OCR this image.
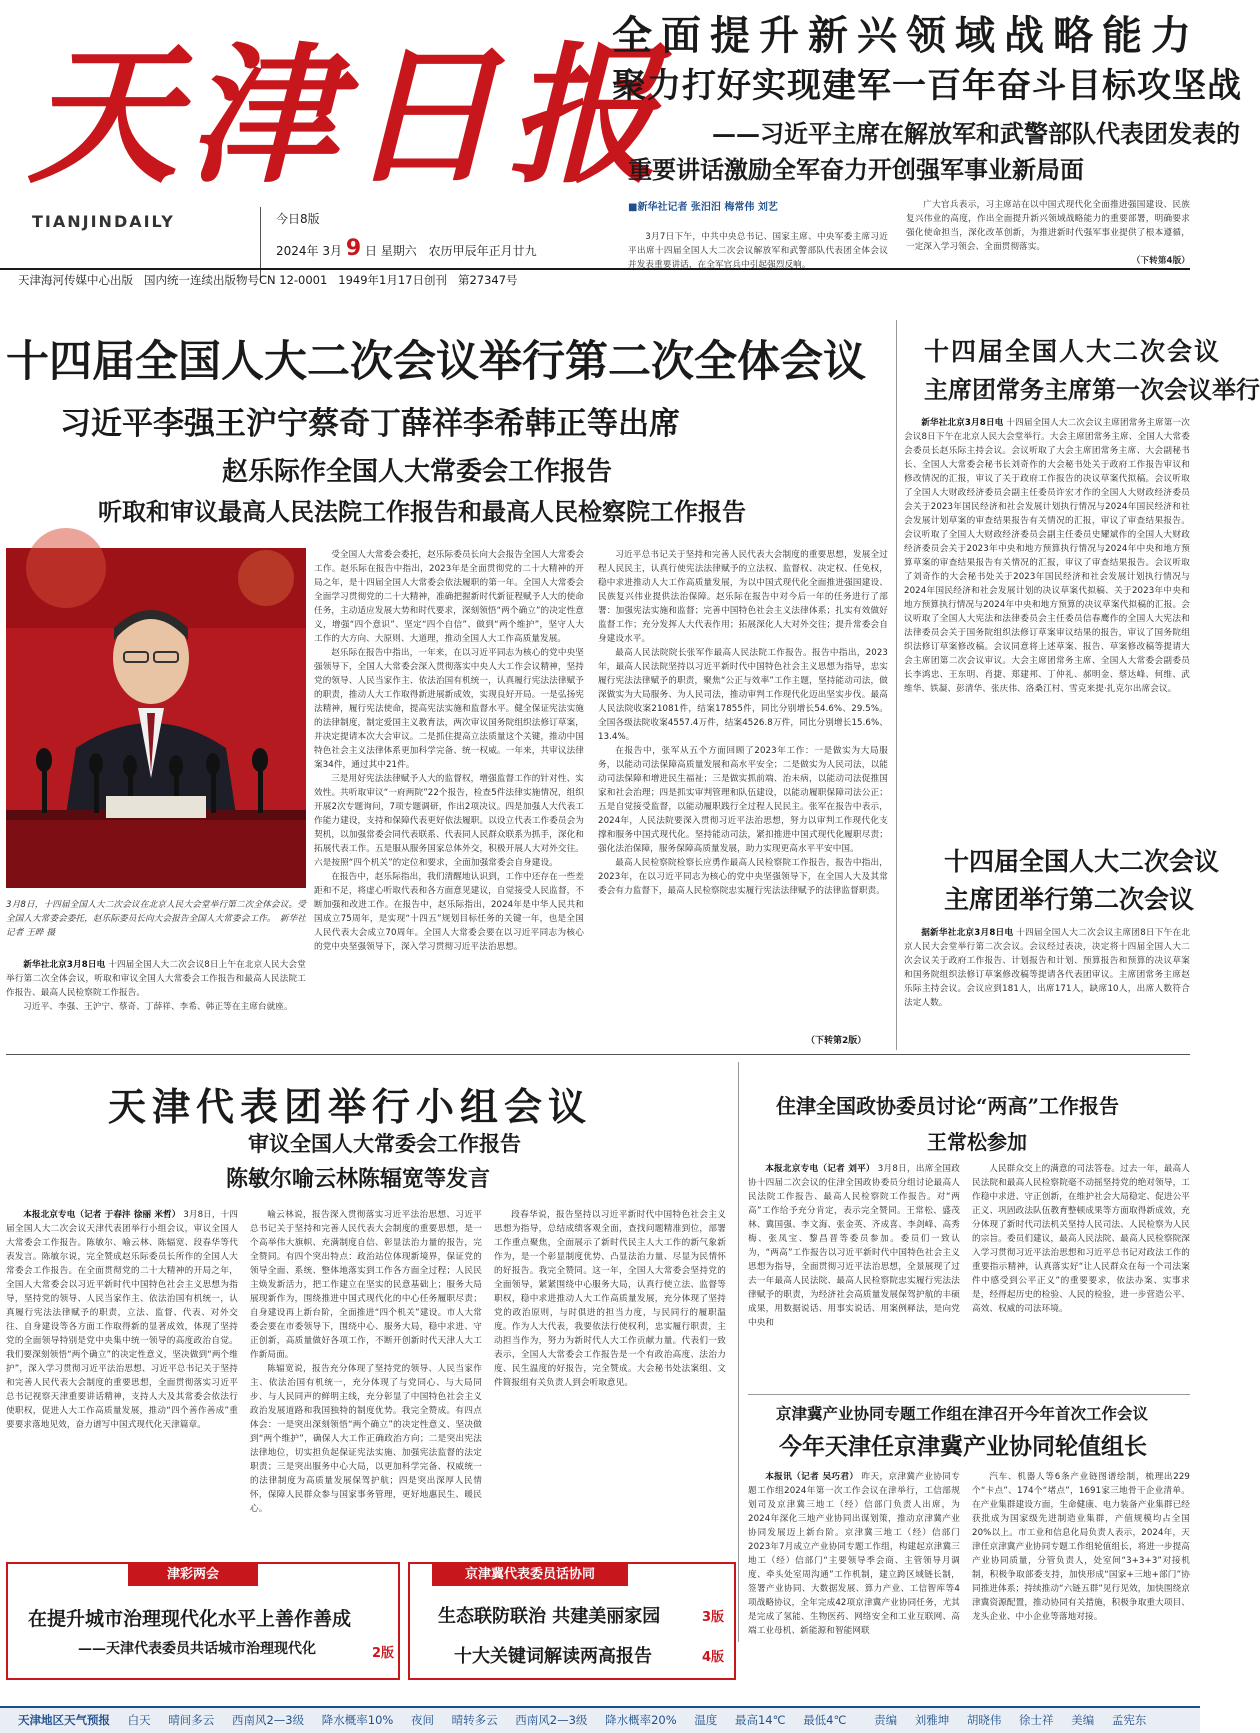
天津日报
TIANJINDAILY	今日8版
2024年 3月 9 日 星期六 农历甲辰年正月廿九
天津海河传媒中心出版 国内统一连续出版物号CN 12-0001 1949年1月17日创刊 第27347号
全面提升新兴领域战略能力
聚力打好实现建军一百年奋斗目标攻坚战
——习近平主席在解放军和武警部队代表团发表的
重要讲话激励全军奋力开创强军事业新局面
■新华社记者 张汨汨 梅常伟 刘艺

3月7日下午，中共中央总书记、国家主席、中央军委主席习近平出席十四届全国人大二次会议解放军和武警部队代表团全体会议并发表重要讲话，在全军官兵中引起强烈反响。

广大官兵表示，习主席站在以中国式现代化全面推进强国建设、民族复兴伟业的高度，作出全面提升新兴领域战略能力的重要部署，明确要求强化使命担当，深化改革创新，为推进新时代强军事业提供了根本遵循，一定深入学习领会、全面贯彻落实。

（下转第4版）
十四届全国人大二次会议举行第二次全体会议
习近平李强王沪宁蔡奇丁薛祥李希韩正等出席
赵乐际作全国人大常委会工作报告
听取和审议最高人民法院工作报告和最高人民检察院工作报告
3月8日，十四届全国人大二次会议在北京人民大会堂举行第二次全体会议。受全国人大常委会委托，赵乐际委员长向大会报告全国人大常委会工作。　新华社记者 王晔 摄

新华社北京3月8日电 十四届全国人大二次会议8日上午在北京人民大会堂举行第二次全体会议，听取和审议全国人大常委会工作报告和最高人民法院工作报告、最高人民检察院工作报告。

习近平、李强、王沪宁、蔡奇、丁薛祥、李希、韩正等在主席台就座。

受全国人大常委会委托，赵乐际委员长向大会报告全国人大常委会工作。赵乐际在报告中指出，2023年是全面贯彻党的二十大精神的开局之年，是十四届全国人大常委会依法履职的第一年。全国人大常委会全面学习贯彻党的二十大精神，准确把握新时代新征程赋予人大的使命任务，主动适应发展大势和时代要求，深刻领悟“两个确立”的决定性意义，增强“四个意识”、坚定“四个自信”、做到“两个维护”，坚守人大工作的大方向、大原则、大道理，推动全国人大工作高质量发展。

赵乐际在报告中指出，一年来，在以习近平同志为核心的党中央坚强领导下，全国人大常委会深入贯彻落实中央人大工作会议精神，坚持党的领导、人民当家作主、依法治国有机统一，认真履行宪法法律赋予的职责，推动人大工作取得新进展新成效，实现良好开局。一是弘扬宪法精神，履行宪法使命，提高宪法实施和监督水平。健全保证宪法实施的法律制度，制定爱国主义教育法，两次审议国务院组织法修订草案，并决定提请本次大会审议。二是抓住提高立法质量这个关键，推动中国特色社会主义法律体系更加科学完备、统一权威。一年来，共审议法律案34件，通过其中21件。

三是用好宪法法律赋予人大的监督权，增强监督工作的针对性、实效性。共听取审议“一府两院”22个报告，检查5件法律实施情况，组织开展2次专题询问，7项专题调研，作出2项决议。四是加强人大代表工作能力建设，支持和保障代表更好依法履职。以设立代表工作委员会为契机，以加强常委会同代表联系、代表同人民群众联系为抓手，深化和拓展代表工作。五是服从服务国家总体外交，积极开展人大对外交往。六是按照“四个机关”的定位和要求，全面加强常委会自身建设。

在报告中，赵乐际指出，我们清醒地认识到，工作中还存在一些差距和不足，将虚心听取代表和各方面意见建议，自觉接受人民监督，不断加强和改进工作。在报告中，赵乐际指出，2024年是中华人民共和国成立75周年，是实现“十四五”规划目标任务的关键一年，也是全国人民代表大会成立70周年。全国人大常委会要在以习近平同志为核心的党中央坚强领导下，深入学习贯彻习近平法治思想。

习近平总书记关于坚持和完善人民代表大会制度的重要思想，发展全过程人民民主，认真行使宪法法律赋予的立法权、监督权、决定权、任免权，稳中求进推动人大工作高质量发展，为以中国式现代化全面推进强国建设、民族复兴伟业提供法治保障。赵乐际在报告中对今后一年的任务进行了部署：加强宪法实施和监督；完善中国特色社会主义法律体系；扎实有效做好监督工作；充分发挥人大代表作用；拓展深化人大对外交往；提升常委会自身建设水平。

最高人民法院院长张军作最高人民法院工作报告。报告中指出，2023年，最高人民法院坚持以习近平新时代中国特色社会主义思想为指导，忠实履行宪法法律赋予的职责，聚焦“公正与效率”工作主题，坚持能动司法，做深做实为大局服务、为人民司法，推动审判工作现代化迈出坚实步伐。最高人民法院收案21081件，结案17855件，同比分别增长54.6%、29.5%。全国各级法院收案4557.4万件，结案4526.8万件，同比分别增长15.6%、13.4%。

在报告中，张军从五个方面回顾了2023年工作：一是做实为大局服务，以能动司法保障高质量发展和高水平安全；二是做实为人民司法，以能动司法保障和增进民生福祉；三是做实抓前端、治未病，以能动司法促推国家和社会治理；四是抓实审判管理和队伍建设，以能动履职保障司法公正；五是自觉接受监督，以能动履职践行全过程人民民主。张军在报告中表示，2024年，人民法院要深入贯彻习近平法治思想，努力以审判工作现代化支撑和服务中国式现代化。坚持能动司法，紧扣推进中国式现代化履职尽责；强化法治保障，服务保障高质量发展，助力实现更高水平平安中国。

最高人民检察院检察长应勇作最高人民检察院工作报告，报告中指出，2023年，在以习近平同志为核心的党中央坚强领导下，在全国人大及其常委会有力监督下，最高人民检察院忠实履行宪法法律赋予的法律监督职责。

（下转第2版）
十四届全国人大二次会议
主席团常务主席第一次会议举行

新华社北京3月8日电 十四届全国人大二次会议主席团常务主席第一次会议8日下午在北京人民大会堂举行。大会主席团常务主席、全国人大常委会委员长赵乐际主持会议。会议听取了大会主席团常务主席、大会副秘书长、全国人大常委会秘书长刘奇作的大会秘书处关于政府工作报告审议和修改情况的汇报，审议了关于政府工作报告的决议草案代拟稿。会议听取了全国人大财政经济委员会副主任委员许宏才作的全国人大财政经济委员会关于2023年国民经济和社会发展计划执行情况与2024年国民经济和社会发展计划草案的审查结果报告有关情况的汇报，审议了审查结果报告。会议听取了全国人大财政经济委员会副主任委员史耀斌作的全国人大财政经济委员会关于2023年中央和地方预算执行情况与2024年中央和地方预算草案的审查结果报告有关情况的汇报，审议了审查结果报告。会议听取了刘奇作的大会秘书处关于2023年国民经济和社会发展计划执行情况与2024年国民经济和社会发展计划的决议草案代拟稿、关于2023年中央和地方预算执行情况与2024年中央和地方预算的决议草案代拟稿的汇报。会议听取了全国人大宪法和法律委员会主任委员信春鹰作的全国人大宪法和法律委员会关于国务院组织法修订草案审议结果的报告，审议了国务院组织法修订草案修改稿。会议同意将上述草案、报告、草案修改稿等提请大会主席团第二次会议审议。大会主席团常务主席、全国人大常委会副委员长李鸿忠、王东明、肖捷、郑建邦、丁仲礼、郝明金、蔡达峰、何维、武维华、铁凝、彭清华、张庆伟、洛桑江村、雪克来提·扎克尔出席会议。

十四届全国人大二次会议
主席团举行第二次会议

据新华社北京3月8日电 十四届全国人大二次会议主席团8日下午在北京人民大会堂举行第二次会议。会议经过表决，决定将十四届全国人大二次会议关于政府工作报告、计划报告和计划、预算报告和预算的决议草案和国务院组织法修订草案修改稿等提请各代表团审议。主席团常务主席赵乐际主持会议。会议应到181人，出席171人，缺席10人，出席人数符合法定人数。

天津代表团举行小组会议
审议全国人大常委会工作报告
陈敏尔喻云林陈辐宽等发言

本报北京专电（记者 于春沣 徐丽 米哲） 3月8日，十四届全国人大二次会议天津代表团举行小组会议，审议全国人大常委会工作报告。陈敏尔、喻云林、陈辐宽、段春华等代表发言。陈敏尔说，完全赞成赵乐际委员长所作的全国人大常委会工作报告。在全面贯彻党的二十大精神的开局之年，全国人大常委会以习近平新时代中国特色社会主义思想为指导，坚持党的领导、人民当家作主、依法治国有机统一，认真履行宪法法律赋予的职责，立法、监督、代表、对外交往、自身建设等各方面工作取得新的显著成效，体现了坚持党的全面领导特别是党中央集中统一领导的高度政治自觉。我们要深刻领悟“两个确立”的决定性意义，坚决做到“两个维护”，深入学习贯彻习近平法治思想、习近平总书记关于坚持和完善人民代表大会制度的重要思想，全面贯彻落实习近平总书记视察天津重要讲话精神，支持人大及其常委会依法行使职权，促进人大工作高质量发展，推动“四个善作善成”重要要求落地见效，奋力谱写中国式现代化天津篇章。

喻云林说，报告深入贯彻落实习近平法治思想、习近平总书记关于坚持和完善人民代表大会制度的重要思想，是一个高举伟大旗帜、充满制度自信、彰显法治力量的报告，完全赞同。有四个突出特点：政治站位体现新境界，保证党的领导全面、系统、整体地落实到工作各方面全过程；人民民主焕发新活力，把工作建立在坚实的民意基础上；服务大局展现新作为，围绕推进中国式现代化的中心任务履职尽责；自身建设再上新台阶，全面推进“四个机关”建设。市人大常委会要在市委领导下，围绕中心、服务大局，稳中求进、守正创新，高质量做好各项工作，不断开创新时代天津人大工作新局面。

陈辐宽说，报告充分体现了坚持党的领导、人民当家作主、依法治国有机统一，充分体现了与党同心、与大局同步、与人民同声的鲜明主线，充分彰显了中国特色社会主义政治发展道路和我国独特的制度优势。我完全赞成。有四点体会：一是突出深刻领悟“两个确立”的决定性意义、坚决做到“两个维护”，确保人大工作正确政治方向；二是突出宪法法律地位，切实担负起保证宪法实施、加强宪法监督的法定职责；三是突出服务中心大局，以更加科学完备、权威统一的法律制度为高质量发展保驾护航；四是突出深厚人民情怀，保障人民群众参与国家事务管理，更好地惠民生、暖民心。

段春华说，报告坚持以习近平新时代中国特色社会主义思想为指导，总结成绩客观全面，查找问题精准到位，部署工作重点聚焦，全面展示了新时代民主人大工作的新气象新作为，是一个彰显制度优势、凸显法治力量、尽显为民情怀的好报告。我完全赞同。这一年，全国人大常委会坚持党的全面领导，紧紧围绕中心服务大局，认真行使立法、监督等职权，稳中求进推动人大工作高质量发展，充分体现了坚持党的政治原则，与时俱进的担当力度，与民同行的履职温度。作为人大代表，我要依法行使权利，忠实履行职责，主动担当作为，努力为新时代人大工作贡献力量。代表们一致表示，全国人大常委会工作报告是一个有政治高度、法治力度、民生温度的好报告，完全赞成。大会秘书处法案组、文件简报组有关负责人到会听取意见。

住津全国政协委员讨论“两高”工作报告
王常松参加

本报北京专电（记者 刘平） 3月8日，出席全国政协十四届二次会议的住津全国政协委员分组讨论最高人民法院工作报告、最高人民检察院工作报告。对“两高”工作给予充分肯定，表示完全赞同。王常松、盛茂林、冀国强、李文海、张金英、齐成喜、李剑峰、高秀梅、张凤宝、黎昌晋等委员参加。委员们一致认为，“两高”工作报告以习近平新时代中国特色社会主义思想为指导，全面贯彻习近平法治思想，全景展现了过去一年最高人民法院、最高人民检察院忠实履行宪法法律赋予的职责，为经济社会高质量发展保驾护航的丰硕成果，用数据说话、用事实说话、用案例释法，是向党中央和

人民群众交上的满意的司法答卷。过去一年，最高人民法院和最高人民检察院毫不动摇坚持党的绝对领导，工作稳中求进、守正创新，在维护社会大局稳定、促进公平正义、巩固政法队伍教育整顿成果等方面取得新成效，充分体现了新时代司法机关坚持人民司法、人民检察为人民的宗旨。委员们建议，最高人民法院、最高人民检察院深入学习贯彻习近平法治思想和习近平总书记对政法工作的重要指示精神，认真落实好“让人民群众在每一个司法案件中感受到公平正义”的重要要求，依法办案、实事求是，经得起历史的检验、人民的检验，进一步营造公平、高效、权威的司法环境。

京津冀产业协同专题工作组在津召开今年首次工作会议
今年天津任京津冀产业协同轮值组长

本报讯（记者 吴巧君） 昨天，京津冀产业协同专题工作组2024年第一次工作会议在津举行，工信部规划司及京津冀三地工（经）信部门负责人出席，为2024年深化三地产业协同出谋划策，推动京津冀产业协同发展迈上新台阶。京津冀三地工（经）信部门2023年7月成立产业协同专题工作组，构建起京津冀三地工（经）信部门“主要领导季会商、主管领导月调度、牵头处室周沟通”工作机制，建立跨区域链长制，签署产业协同、大数据发展、算力产业、工信智库等4项战略协议，全年完成42项京津冀产业协同任务，尤其是完成了氢能、生物医药、网络安全和工业互联网、高端工业母机、新能源和智能网联

汽车、机器人等6条产业链图谱绘制，梳理出229个“卡点”、174个“堵点”，1691家三地骨干企业清单。在产业集群建设方面，生命健康、电力装备产业集群已经获批成为国家级先进制造业集群，产值规模均占全国20%以上。市工业和信息化局负责人表示，2024年，天津任京津冀产业协同专题工作组轮值组长，将进一步提高产业协同质量，分管负责人，处室间“3+3+3”对接机制，积极争取部委支持，加快形成“国家+三地+部门”协同推进体系；持续推动“六链五群”见行见效，加快围绕京津冀资源配置，推动协同有关措施，积极争取重大项目、龙头企业、中小企业等落地对接。

津彩两会
在提升城市治理现代化水平上善作善成
——天津代表委员共话城市治理现代化	2版
京津冀代表委员话协同
生态联防联治 共建美丽家园	3版
十大关键词解读两高报告	4版
天津地区天气预报 白天 晴间多云 西南风2—3级 降水概率10% 夜间 晴转多云 西南风2—3级 降水概率20% 温度 最高14℃ 最低4℃ 责编 刘雅坤 胡晓伟 徐士祥 美编 孟宪东
